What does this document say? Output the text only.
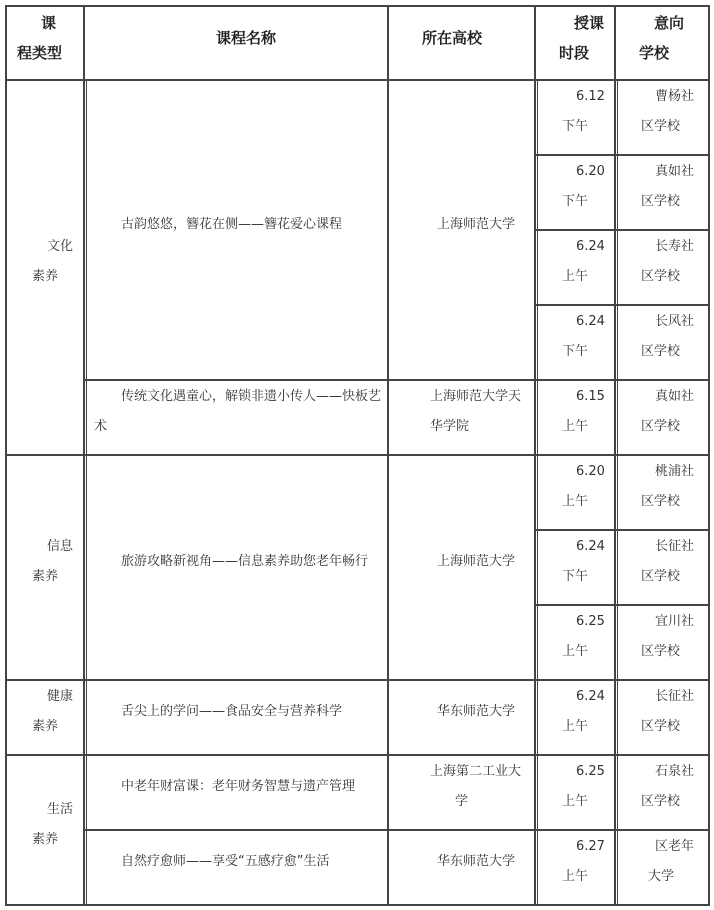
课
程类型
课程名称	所在高校
授课
时段
意向
学校
文化
素养
信息
素养
健康
素养
生活
素养
古韵悠悠，簪花在侧——簪花爱心课程
传统文化遇童心，解锁非遗小传人——快板艺
术
旅游攻略新视角——信息素养助您老年畅行
舌尖上的学问——食品安全与营养科学
中老年财富课：老年财务智慧与遗产管理
自然疗愈师——享受“五感疗愈”生活
上海师范大学
上海师范大学天
华学院
上海师范大学
华东师范大学
上海第二工业大
学
华东师范大学
6.12
下午
曹杨社
区学校
6.20
下午
真如社
区学校
6.24
上午
长寿社
区学校
6.24
下午
长风社
区学校
6.15
上午
真如社
区学校
6.20
上午
桃浦社
区学校
6.24
下午
长征社
区学校
6.25
上午
宜川社
区学校
6.24
上午
长征社
区学校
6.25
上午
石泉社
区学校
6.27
上午
区老年
大学
